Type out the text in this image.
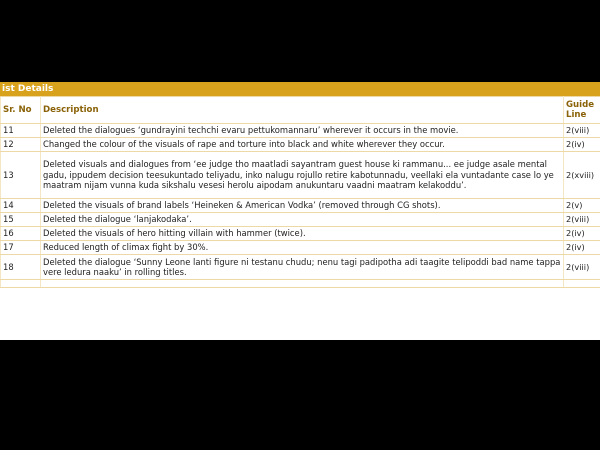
ist Details
Sr. No	Description	Guide Line
11	Deleted the dialogues ‘gundrayini techchi evaru pettukomannaru’ wherever it occurs in the movie.	2(viii)
12	Changed the colour of the visuals of rape and torture into black and white wherever they occur.	2(iv)
13	Deleted visuals and dialogues from ‘ee judge tho maatladi sayantram guest house ki rammanu... ee judge asale mental gadu, ippudem decision teesukuntado teliyadu, inko nalugu rojullo retire kabotunnadu, veellaki ela vuntadante case lo ye maatram nijam vunna kuda sikshalu vesesi herolu aipodam anukuntaru vaadni maatram kelakoddu’.	2(xviii)
14	Deleted the visuals of brand labels ‘Heineken & American Vodka’ (removed through CG shots).	2(v)
15	Deleted the dialogue ‘lanjakodaka’.	2(viii)
16	Deleted the visuals of hero hitting villain with hammer (twice).	2(iv)
17	Reduced length of climax fight by 30%.	2(iv)
18	Deleted the dialogue ‘Sunny Leone lanti figure ni testanu chudu; nenu tagi padipotha adi taagite telipoddi bad name tappa vere ledura naaku’ in rolling titles.	2(viii)
